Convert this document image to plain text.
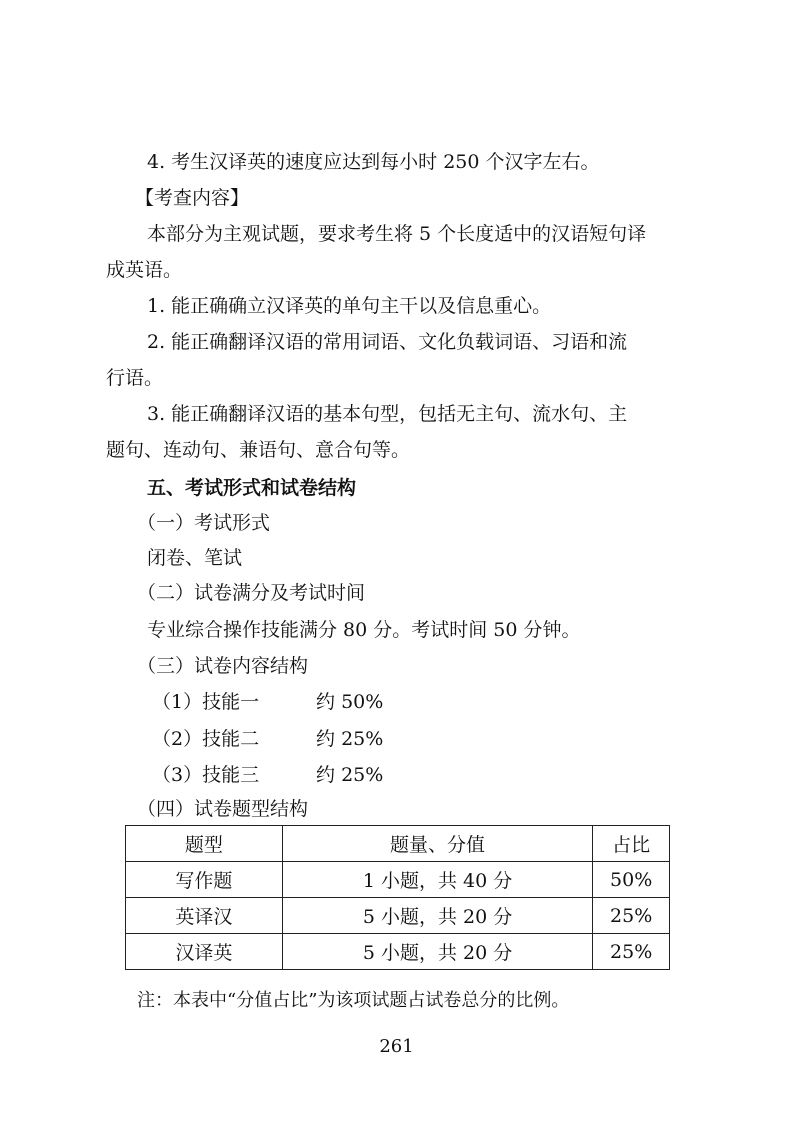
4. 考生汉译英的速度应达到每小时 250 个汉字左右。
【考查内容】
本部分为主观试题，要求考生将 5 个长度适中的汉语短句译
成英语。
1. 能正确确立汉译英的单句主干以及信息重心。
2. 能正确翻译汉语的常用词语、文化负载词语、习语和流
行语。
3. 能正确翻译汉语的基本句型，包括无主句、流水句、主
题句、连动句、兼语句、意合句等。
五、考试形式和试卷结构
（一）考试形式
闭卷、笔试
（二）试卷满分及考试时间
专业综合操作技能满分 80 分。考试时间 50 分钟。
（三）试卷内容结构
（1）技能一	约 50%
（2）技能二	约 25%
（3）技能三	约 25%
（四）试卷题型结构
题型	题量、分值	占比
写作题	1 小题，共 40 分	50%
英译汉	5 小题，共 20 分	25%
汉译英	5 小题，共 20 分	25%
注：本表中“分值占比”为该项试题占试卷总分的比例。
261
